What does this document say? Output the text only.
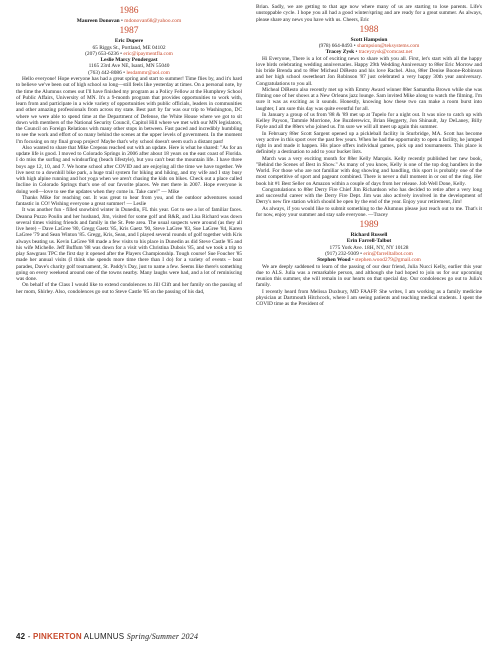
1986
Maureen Donovan • mdonovan68@yahoo.com
1987
Eric Dupere
65 Riggs St., Portland, ME 04102
(207) 653-6236 • eric@ipaymentfla.com
Leslie Marcy Pendergast
1165 23rd Ave NE, Isanti, MN 55040
(763) 442-8086 • lesdammr@aol.com

Hello everyone! Hope everyone has had a great spring and start to summer! Time flies by, and it's hard to believe we've been out of high school so long—still feels like yesterday at times. On a personal note, by the time the Alumnus comes out I'll have finished my program as a Policy Fellow at the Humphrey School of Public Affairs, University of MN. It's a 9-month program that provides opportunities to work with, learn from and participate in a wide variety of opportunities with public officials, leaders in communities and other amazing professionals from across my state. Best part by far was our trip to Washington, DC where we were able to spend time at the Department of Defense, the White House where we got to sit down with members of the National Security Council, Capitol Hill where we met with our MN legislators, the Council on Foreign Relations with many other stops in between. Fast paced and incredibly humbling to see the work and effort of so many behind the scenes at the upper levels of government. In the moment I'm focusing on my final group project! Maybe that's why school doesn't seem such a distant past!

Also wanted to share that Mike Crepeau reached out with an update. Here is what he shared: "As for an update life is good. I moved to Colorado Springs in 2006 after about 18 years on the east coast of Florida. I do miss the surfing and windsurfing (beach lifestyle), but you can't beat the mountain life. I have three boys age 12, 10, and 7. We home school after COVID and are enjoying all the time we have together. We live next to a downhill bike park, a huge trail system for biking and hiking, and my wife and I stay busy with high alpine running and hot yoga when we aren't chasing the kids on bikes. Check out a place called Incline in Colorado Springs that's one of our favorite places. We met there in 2007. Hope everyone is doing well—love to see the updates when they come in. Take care!" — Mike

Thanks Mike for reaching out. It was great to hear from you, and the outdoor adventures sound fantastic in CO! Wishing everyone a great summer! — Leslie

It was another fun - filled snowbird winter in Dunedin, FL this year. Got to see a lot of familiar faces. Deanna Puzzo Poulin and her husband, Jim, visited for some golf and R&R, and Lisa Richard was down several times visiting friends and family in the St. Pete area. The usual suspects were around (as they all live here) – Dave LaGree '80, Gregg Gaetz '85, Kris Gaetz '90, Steve LaGree '83, Sue LaGree '84, Karen LaGree '79 and Sean Winton '85. Gregg, Kris, Sean, and I played several rounds of golf together with Kris always beating us. Kevin LaGree '88 made a few visits to his place in Dunedin as did Steve Castle '85 and his wife Michelle. Jeff Buffum '88 was down for a visit with Christina Dubois '85, and we took a trip to play Sawgrass TPC the first day it opened after the Players Championship. Tough course! Sue Foucher '85 made her annual visits (I think she spends more time there than I do) for a variety of events – boat parades, Dave's charity golf tournament, St. Paddy's Day, just to name a few. Seems like there's something going on every weekend around one of the towns nearby. Many laughs were had, and a lot of reminiscing was done.

On behalf of the Class I would like to extend condolences to Jill Clift and her family on the passing of her mom, Shirley. Also, condolences go out to Steve Castle '85 on the passing of his dad,

Brian. Sadly, we are getting to that age now where many of us are starting to lose parents. Life's unstoppable cycle. I hope you all had a good winter/spring and are ready for a great summer. As always, please share any news you have with us. Cheers, Eric

1988
Scott Hampsion
(978) 664-8493 • shampsion@teksystems.com
Tracey Zysk • traceyzysk@comcast.net

Hi Everyone, There is a lot of exciting news to share with you all. First, let's start with all the happy love birds celebrating wedding anniversaries. Happy 29th Wedding Anniversary to 88er Eric Morrow and his bride Brenda and to 88er Micheal DiResto and his love Rachel. Also, 88er Denise Boone-Robinson and her high school sweetheart Jon Robinson '87 just celebrated a very happy 30th year anniversary. Congratulations to you all.

Micheal DiResto also recently met up with Emmy Award winner 88er Samantha Brown while she was filming one of her shows at a New Orleans jazz lounge. Sam invited Mike along to watch the filming. I'm sure it was as exciting as it sounds. Honestly, knowing how these two can make a room burst into laughter, I am sure this day was quite eventful for all.

In January a group of us from '88 & '89 met up at Tupelo for a night out. It was nice to catch up with Kelley Payson, Tammie Morrione, Joe Buzderewicz, Brian Heggerty, Jon Shinault, Jay DeLaney, Billy Fayle and all the 88ers who joined us. I'm sure we will all meet up again this summer.

In February 88er Scott Sargent opened up a pickleball facility in Sturbridge, MA. Scott has become very active in this sport over the past few years. When he had the opportunity to open a facility, he jumped right in and made it happen. His place offers individual games, pick up and tournaments. This place is definitely a destination to add to your bucket lists.

March was a very exciting month for 88er Kelly Marquis. Kelly recently published her new book, "Behind the Scenes of Best in Show." As many of you know, Kelly is one of the top dog handlers in the World. For those who are not familiar with dog showing and handling, this sport is probably one of the most competitive of sport and pageant combined. There is never a dull moment in or out of the ring. Her book hit #1 Best Seller on Amazon within a couple of days from her release. Job Well Done, Kelly.

Congratulations to 88er Derry Fire Chief Jim Richardson who has decided to retire after a very long and successful career with the Derry Fire Dept. Jim was also actively involved in the development of Derry's new fire station which should be open by the end of the year. Enjoy your retirement, Jim!

As always, if you would like to submit something to the Alumnus please just reach out to me. That's it for now, enjoy your summer and stay safe everyone. —Tracey

1989
Richard Russell
Erin Farrell-Talbot
1775 York Ave. 18H, NY, NY 10128
(917) 232-9309 • erin@farrelltalbot.com
Stephen Wood • stephen.wood279@gmail.com

We are deeply saddened to learn of the passing of our dear friend, Julia Nucci Kelly, earlier this year due to ALS. Julia was a remarkable person, and although she had hoped to join us for our upcoming reunion this summer, she will remain in our hearts on that special day. Our condolences go out to Julia's family.

I recently heard from Melissa Duxbury, MD FAAFP. She writes, I am working as a family medicine physician at Dartmouth Hitchcock, where I am seeing patients and teaching medical students. I spent the COVID time as the President of

42 - PINKERTON ALUMNUS Spring/Summer 2024
